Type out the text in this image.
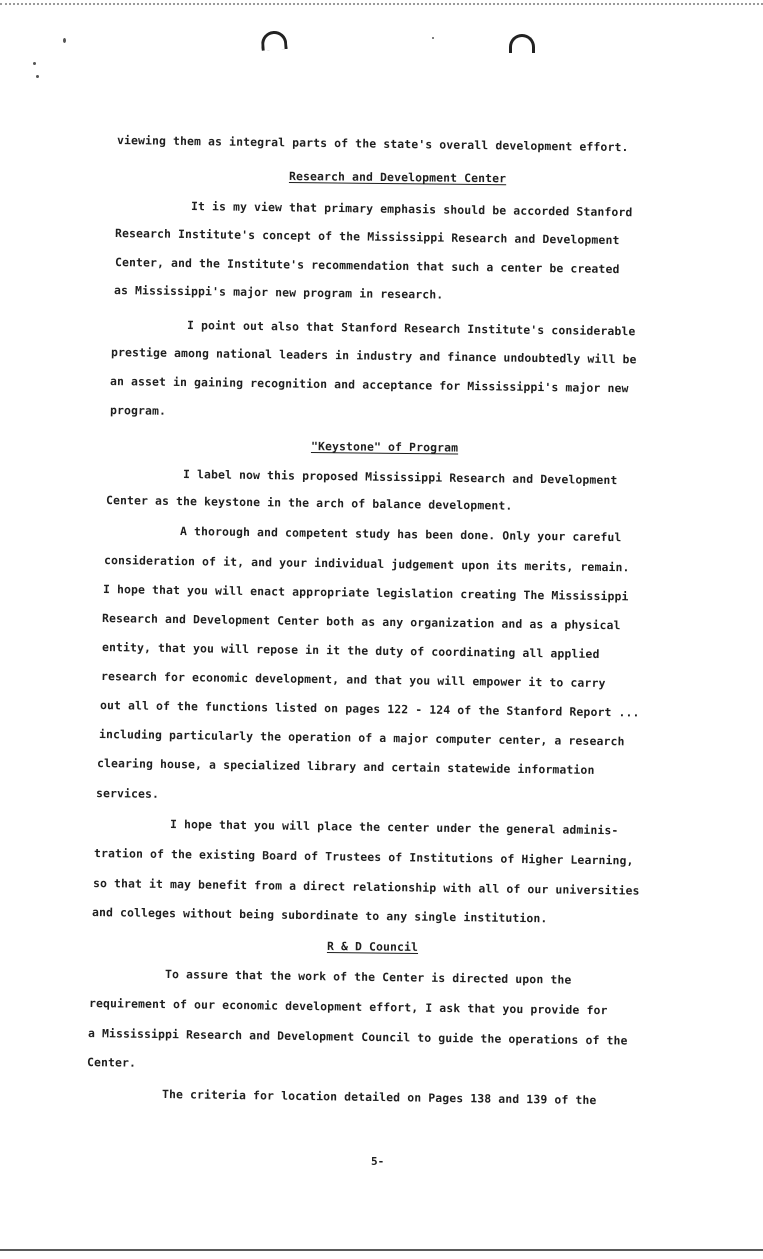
viewing them as integral parts of the state's overall development effort.
Research and Development Center
It is my view that primary emphasis should be accorded Stanford
Research Institute's concept of the Mississippi Research and Development
Center, and the Institute's recommendation that such a center be created
as Mississippi's major new program in research.
I point out also that Stanford Research Institute's considerable
prestige among national leaders in industry and finance undoubtedly will be
an asset in gaining recognition and acceptance for Mississippi's major new
program.
"Keystone" of Program
I label now this proposed Mississippi Research and Development
Center as the keystone in the arch of balance development.
A thorough and competent study has been done. Only your careful
consideration of it, and your individual judgement upon its merits, remain.
I hope that you will enact appropriate legislation creating The Mississippi
Research and Development Center both as any organization and as a physical
entity, that you will repose in it the duty of coordinating all applied
research for economic development, and that you will empower it to carry
out all of the functions listed on pages 122 - 124 of the Stanford Report ...
including particularly the operation of a major computer center, a research
clearing house, a specialized library and certain statewide information
services.
I hope that you will place the center under the general adminis-
tration of the existing Board of Trustees of Institutions of Higher Learning,
so that it may benefit from a direct relationship with all of our universities
and colleges without being subordinate to any single institution.
R & D Council
To assure that the work of the Center is directed upon the
requirement of our economic development effort, I ask that you provide for
a Mississippi Research and Development Council to guide the operations of the
Center.
The criteria for location detailed on Pages 138 and 139 of the
5-
